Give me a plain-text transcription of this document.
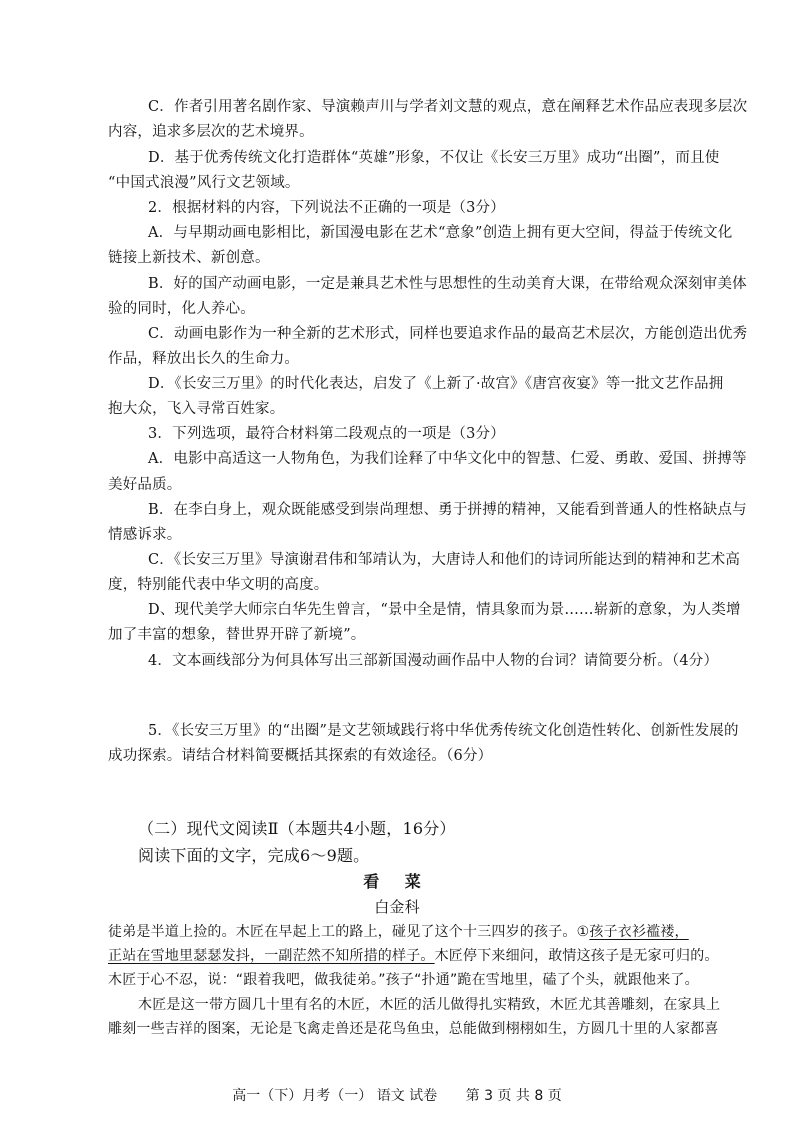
C．作者引用著名剧作家、导演赖声川与学者刘文慧的观点，意在阐释艺术作品应表现多层次
内容，追求多层次的艺术境界。
D．基于优秀传统文化打造群体“英雄”形象，不仅让《长安三万里》成功“出圈”，而且使
“中国式浪漫”风行文艺领域。
2．根据材料的内容，下列说法不正确的一项是（3分）
A．与早期动画电影相比，新国漫电影在艺术“意象”创造上拥有更大空间，得益于传统文化
链接上新技术、新创意。
B．好的国产动画电影，一定是兼具艺术性与思想性的生动美育大课，在带给观众深刻审美体
验的同时，化人养心。
C．动画电影作为一种全新的艺术形式，同样也要追求作品的最高艺术层次，方能创造出优秀
作品，释放出长久的生命力。
D．《长安三万里》的时代化表达，启发了《上新了·故宫》《唐宫夜宴》等一批文艺作品拥
抱大众，飞入寻常百姓家。
3．下列选项，最符合材料第二段观点的一项是（3分）
A．电影中高适这一人物角色，为我们诠释了中华文化中的智慧、仁爱、勇敢、爱国、拼搏等
美好品质。
B．在李白身上，观众既能感受到崇尚理想、勇于拼搏的精神，又能看到普通人的性格缺点与
情感诉求。
C．《长安三万里》导演谢君伟和邹靖认为，大唐诗人和他们的诗词所能达到的精神和艺术高
度，特别能代表中华文明的高度。
D、现代美学大师宗白华先生曾言，“景中全是情，情具象而为景……崭新的意象，为人类增
加了丰富的想象，替世界开辟了新境”。
4．文本画线部分为何具体写出三部新国漫动画作品中人物的台词？请简要分析。（4分）
5．《长安三万里》的“出圈”是文艺领域践行将中华优秀传统文化创造性转化、创新性发展的
成功探索。请结合材料简要概括其探索的有效途径。（6分）
（二）现代文阅读Ⅱ（本题共4小题，16分）
阅读下面的文字，完成6～9题。
看 菜
白金科
徒弟是半道上捡的。木匠在早起上工的路上，碰见了这个十三四岁的孩子。①孩子衣衫褴褛，
正站在雪地里瑟瑟发抖，一副茫然不知所措的样子。木匠停下来细问，敢情这孩子是无家可归的。
木匠于心不忍，说：“跟着我吧，做我徒弟。”孩子“扑通”跪在雪地里，磕了个头，就跟他来了。
木匠是这一带方圆几十里有名的木匠，木匠的活儿做得扎实精致，木匠尤其善雕刻，在家具上
雕刻一些吉祥的图案，无论是飞禽走兽还是花鸟鱼虫，总能做到栩栩如生，方圆几十里的人家都喜
高一（下）月考（一） 语文 试卷 第 3 页 共 8 页
